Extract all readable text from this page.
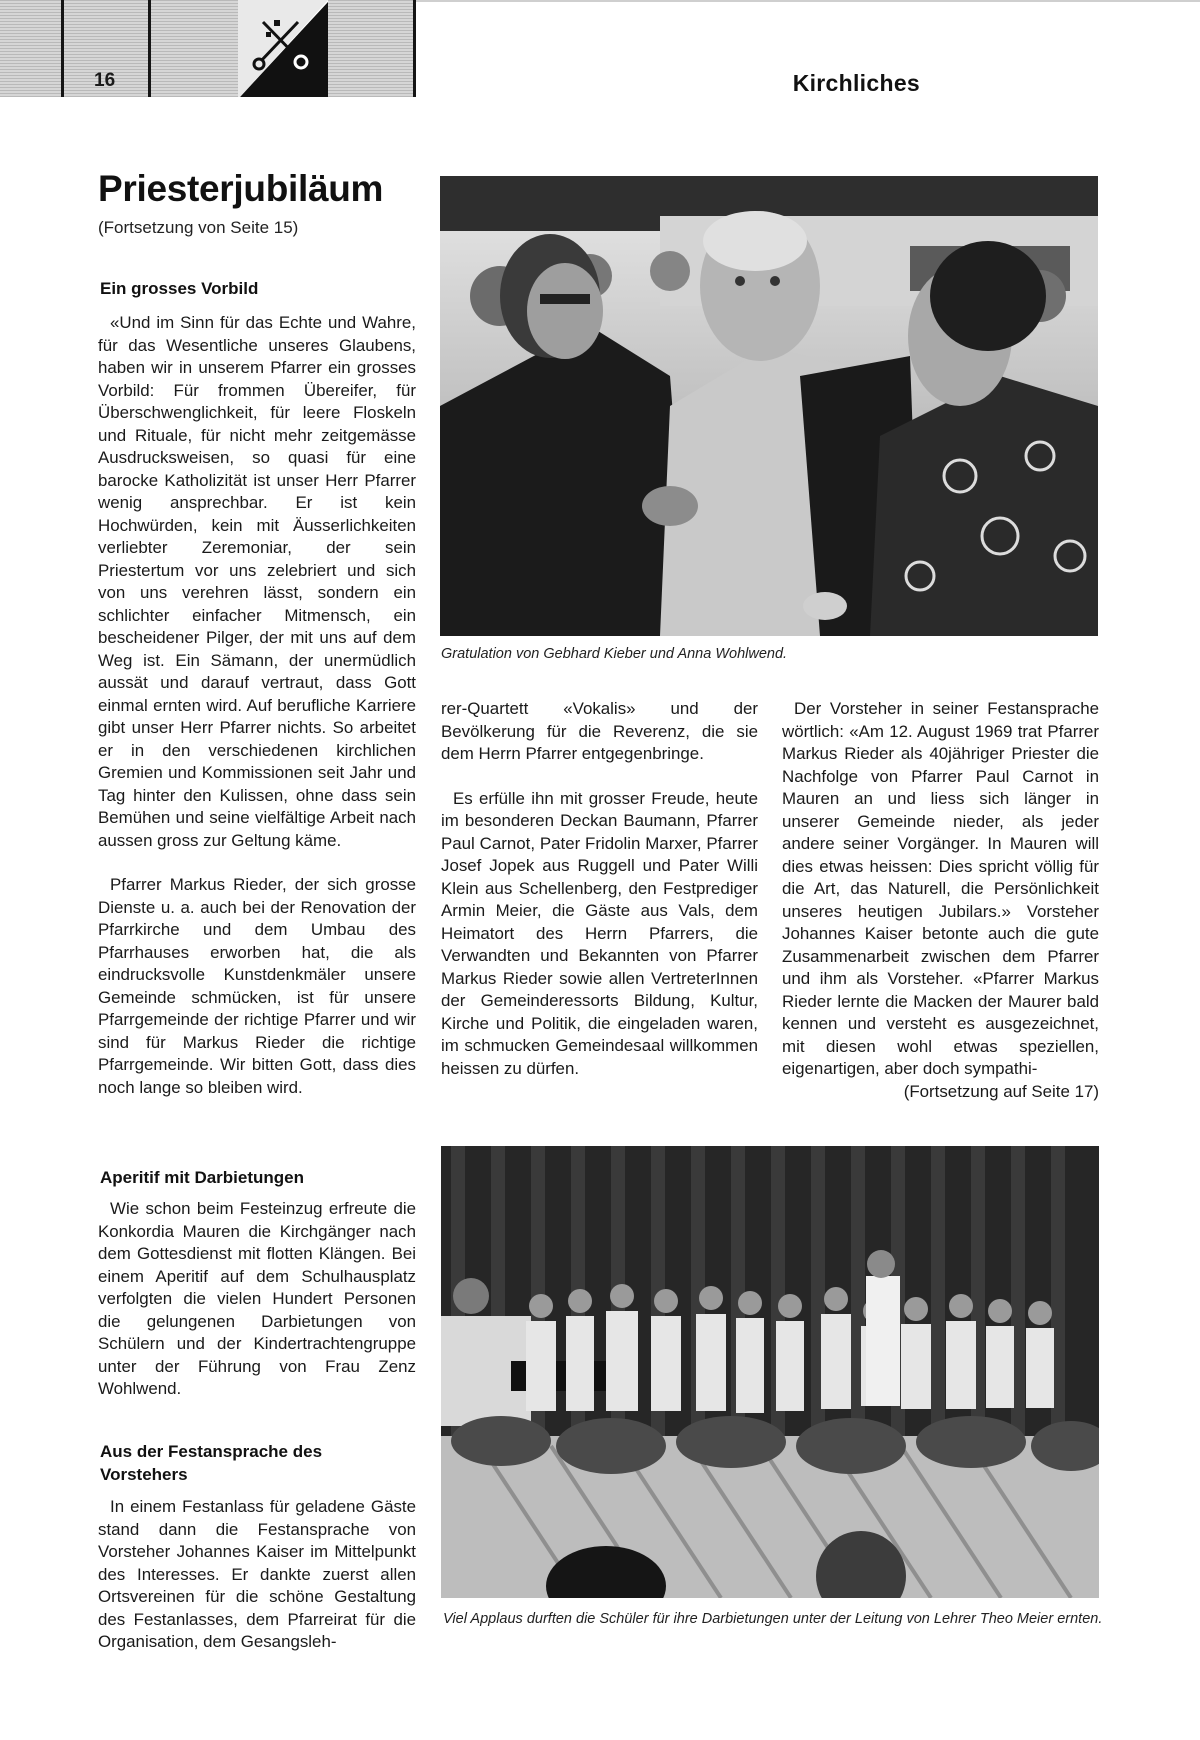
16	Kirchliches
Priesterjubiläum
(Fortsetzung von Seite 15)
Ein grosses Vorbild

«Und im Sinn für das Echte und Wahre, für das Wesentliche unseres Glaubens, haben wir in unserem Pfarrer ein grosses Vorbild: Für frommen Übereifer, für Überschwenglichkeit, für leere Floskeln und Rituale, für nicht mehr zeitgemässe Ausdrucksweisen, so quasi für eine barocke Katholizität ist unser Herr Pfarrer wenig ansprechbar. Er ist kein Hochwürden, kein mit Äusserlichkeiten verliebter Zeremoniar, der sein Priestertum vor uns zelebriert und sich von uns verehren lässt, sondern ein schlichter einfacher Mitmensch, ein bescheidener Pilger, der mit uns auf dem Weg ist. Ein Sämann, der unermüdlich aussät und darauf vertraut, dass Gott einmal ernten wird. Auf berufliche Karriere gibt unser Herr Pfarrer nichts. So arbeitet er in den verschiedenen kirchlichen Gremien und Kommissionen seit Jahr und Tag hinter den Kulissen, ohne dass sein Bemühen und seine vielfältige Arbeit nach aussen gross zur Geltung käme.

Pfarrer Markus Rieder, der sich grosse Dienste u. a. auch bei der Renovation der Pfarrkirche und dem Umbau des Pfarrhauses erworben hat, die als eindrucksvolle Kunstdenkmäler unsere Gemeinde schmücken, ist für unsere Pfarrgemeinde der richtige Pfarrer und wir sind für Markus Rieder die richtige Pfarrgemeinde. Wir bitten Gott, dass dies noch lange so bleiben wird.

Aperitif mit Darbietungen

Wie schon beim Festeinzug erfreute die Konkordia Mauren die Kirchgänger nach dem Gottesdienst mit flotten Klängen. Bei einem Aperitif auf dem Schulhausplatz verfolgten die vielen Hundert Personen die gelungenen Darbietungen von Schülern und der Kindertrachtengruppe unter der Führung von Frau Zenz Wohlwend.

Aus der Festansprache des Vorstehers

In einem Festanlass für geladene Gäste stand dann die Festansprache von Vorsteher Johannes Kaiser im Mittelpunkt des Interesses. Er dankte zuerst allen Ortsvereinen für die schöne Gestaltung des Festanlasses, dem Pfarreirat für die Organisation, dem Gesangsleh-

Gratulation von Gebhard Kieber und Anna Wohlwend.

rer-Quartett «Vokalis» und der Bevölkerung für die Reverenz, die sie dem Herrn Pfarrer entgegenbringe.

Es erfülle ihn mit grosser Freude, heute im besonderen Deckan Baumann, Pfarrer Paul Carnot, Pater Fridolin Marxer, Pfarrer Josef Jopek aus Ruggell und Pater Willi Klein aus Schellenberg, den Festprediger Armin Meier, die Gäste aus Vals, dem Heimatort des Herrn Pfarrers, die Verwandten und Bekannten von Pfarrer Markus Rieder sowie allen VertreterInnen der Gemeinderessorts Bildung, Kultur, Kirche und Politik, die eingeladen waren, im schmucken Gemeindesaal willkommen heissen zu dürfen.

Der Vorsteher in seiner Festansprache wörtlich: «Am 12. August 1969 trat Pfarrer Markus Rieder als 40jähriger Priester die Nachfolge von Pfarrer Paul Carnot in Mauren an und liess sich länger in unserer Gemeinde nieder, als jeder andere seiner Vorgänger. In Mauren will dies etwas heissen: Dies spricht völlig für die Art, das Naturell, die Persönlichkeit unseres heutigen Jubilars.» Vorsteher Johannes Kaiser betonte auch die gute Zusammenarbeit zwischen dem Pfarrer und ihm als Vorsteher. «Pfarrer Markus Rieder lernte die Macken der Maurer bald kennen und versteht es ausgezeichnet, mit diesen wohl etwas speziellen, eigenartigen, aber doch sympathi-

(Fortsetzung auf Seite 17)
Viel Applaus durften die Schüler für ihre Darbietungen unter der Leitung von Lehrer Theo Meier ernten.
